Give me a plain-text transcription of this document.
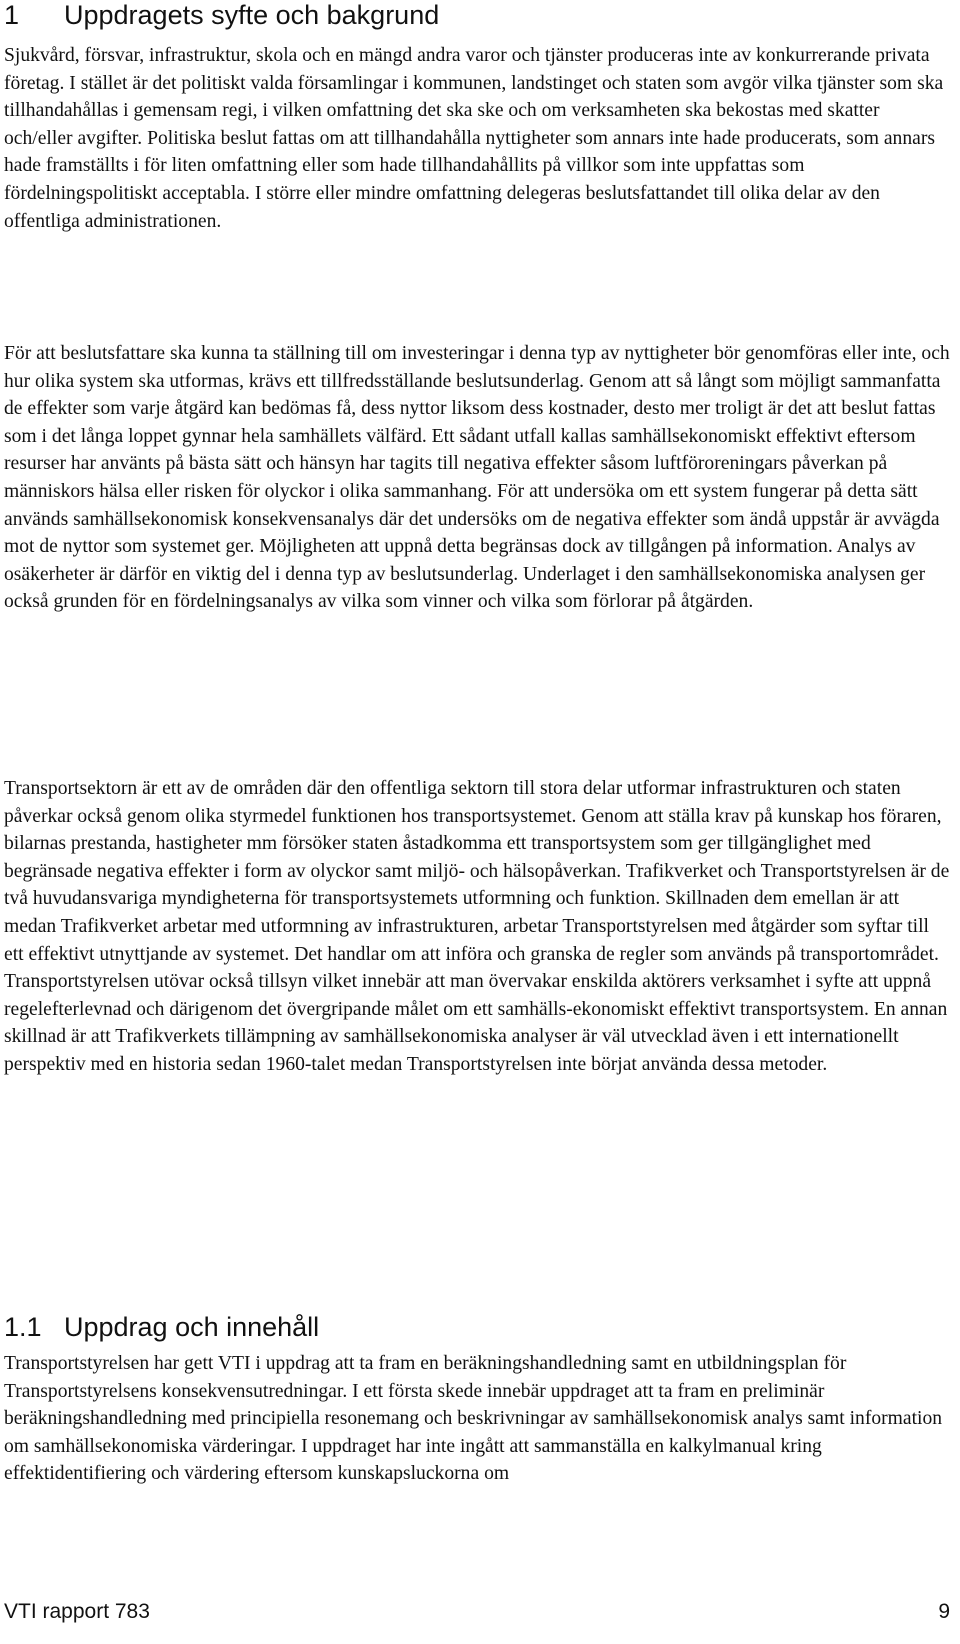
1 Uppdragets syfte och bakgrund

Sjukvård, försvar, infrastruktur, skola och en mängd andra varor och tjänster produceras inte av konkurrerande privata företag. I stället är det politiskt valda församlingar i kommunen, landstinget och staten som avgör vilka tjänster som ska tillhandahållas i gemensam regi, i vilken omfattning det ska ske och om verksamheten ska bekostas med skatter och/eller avgifter. Politiska beslut fattas om att tillhandahålla nyttigheter som annars inte hade producerats, som annars hade framställts i för liten omfattning eller som hade tillhandahållits på villkor som inte uppfattas som fördelningspolitiskt acceptabla. I större eller mindre omfattning delegeras beslutsfattandet till olika delar av den offentliga administrationen.

För att beslutsfattare ska kunna ta ställning till om investeringar i denna typ av nyttigheter bör genomföras eller inte, och hur olika system ska utformas, krävs ett tillfredsställande beslutsunderlag. Genom att så långt som möjligt sammanfatta de effekter som varje åtgärd kan bedömas få, dess nyttor liksom dess kostnader, desto mer troligt är det att beslut fattas som i det långa loppet gynnar hela samhällets välfärd. Ett sådant utfall kallas samhällsekonomiskt effektivt eftersom resurser har använts på bästa sätt och hänsyn har tagits till negativa effekter såsom luftföroreningars påverkan på människors hälsa eller risken för olyckor i olika sammanhang. För att undersöka om ett system fungerar på detta sätt används samhällsekonomisk konsekvensanalys där det undersöks om de negativa effekter som ändå uppstår är avvägda mot de nyttor som systemet ger. Möjligheten att uppnå detta begränsas dock av tillgången på information. Analys av osäkerheter är därför en viktig del i denna typ av beslutsunderlag. Underlaget i den samhällsekonomiska analysen ger också grunden för en fördelningsanalys av vilka som vinner och vilka som förlorar på åtgärden.

Transportsektorn är ett av de områden där den offentliga sektorn till stora delar utformar infrastrukturen och staten påverkar också genom olika styrmedel funktionen hos transportsystemet. Genom att ställa krav på kunskap hos föraren, bilarnas prestanda, hastigheter mm försöker staten åstadkomma ett transportsystem som ger tillgänglighet med begränsade negativa effekter i form av olyckor samt miljö- och hälsopåverkan. Trafikverket och Transportstyrelsen är de två huvudansvariga myndigheterna för transportsystemets utformning och funktion. Skillnaden dem emellan är att medan Trafikverket arbetar med utformning av infrastrukturen, arbetar Transportstyrelsen med åtgärder som syftar till ett effektivt utnyttjande av systemet. Det handlar om att införa och granska de regler som används på transportområdet. Transportstyrelsen utövar också tillsyn vilket innebär att man övervakar enskilda aktörers verksamhet i syfte att uppnå regelefterlevnad och därigenom det övergripande målet om ett samhälls-ekonomiskt effektivt transportsystem. En annan skillnad är att Trafikverkets tillämpning av samhällsekonomiska analyser är väl utvecklad även i ett internationellt perspektiv med en historia sedan 1960-talet medan Transportstyrelsen inte börjat använda dessa metoder.

1.1 Uppdrag och innehåll

Transportstyrelsen har gett VTI i uppdrag att ta fram en beräkningshandledning samt en utbildningsplan för Transportstyrelsens konsekvensutredningar. I ett första skede innebär uppdraget att ta fram en preliminär beräkningshandledning med principiella resonemang och beskrivningar av samhällsekonomisk analys samt information om samhällsekonomiska värderingar. I uppdraget har inte ingått att sammanställa en kalkylmanual kring effektidentifiering och värdering eftersom kunskapsluckorna om

VTI rapport 783	9
